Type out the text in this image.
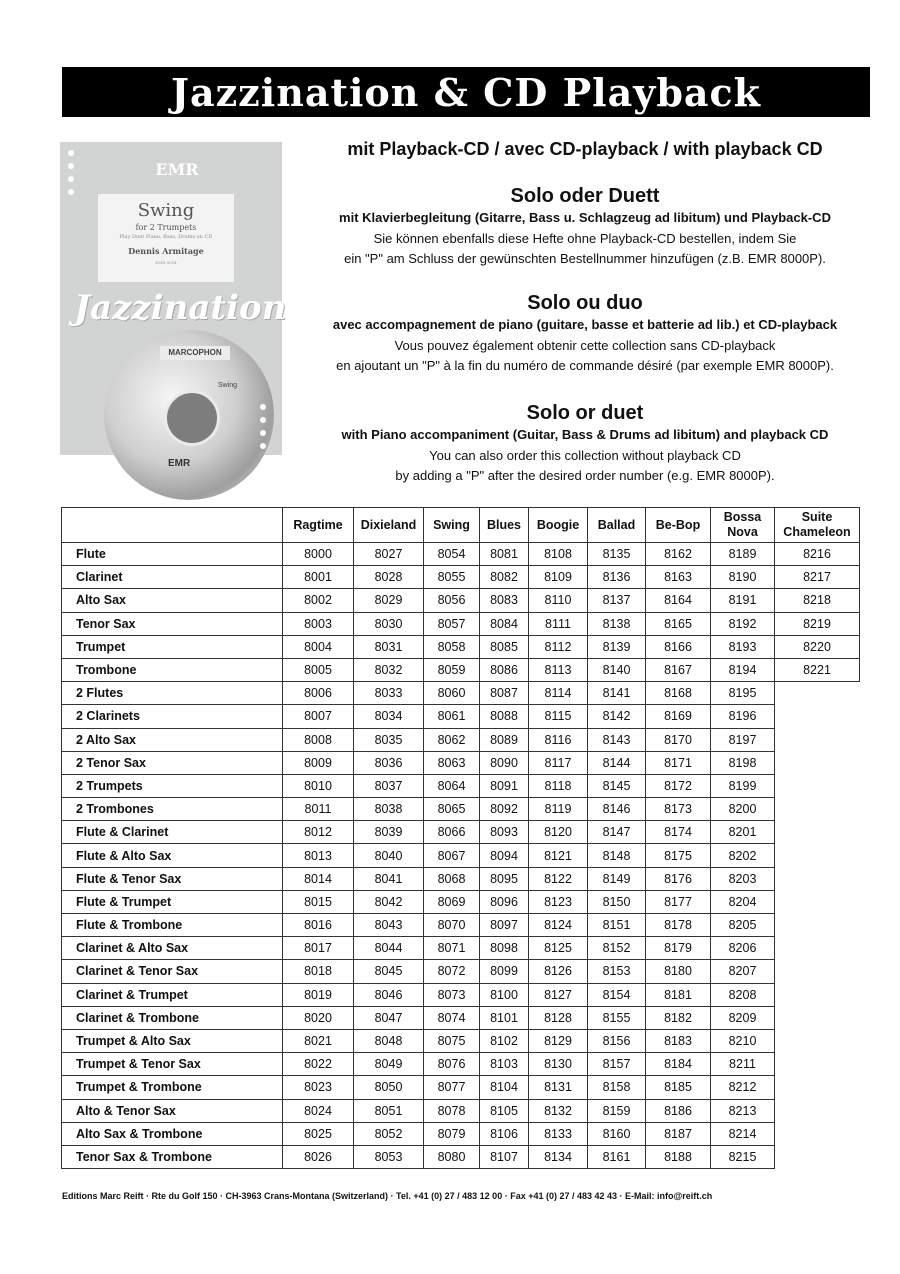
Jazzination & CD Playback
EMR
Swing
for 2 Trumpets
Play Duet Piano, Bass, Drums on CD
Dennis Armitage
EMR 8054
Jazzination
MARCOPHON
Swing
EMR
mit Playback-CD / avec CD-playback / with playback CD
Solo oder Duett
mit Klavierbegleitung (Gitarre, Bass u. Schlagzeug ad libitum) und Playback-CD
Sie können ebenfalls diese Hefte ohne Playback-CD bestellen, indem Sie
ein "P" am Schluss der gewünschten Bestellnummer hinzufügen (z.B. EMR 8000P).
Solo ou duo
avec accompagnement de piano (guitare, basse et batterie ad lib.) et CD-playback
Vous pouvez également obtenir cette collection sans CD-playback
en ajoutant un "P" à la fin du numéro de commande désiré (par exemple EMR 8000P).
Solo or duet
with Piano accompaniment (Guitar, Bass & Drums ad libitum) and playback CD
You can also order this collection without playback CD
by adding a "P" after the desired order number (e.g. EMR 8000P).
	Ragtime	Dixieland	Swing	Blues	Boogie	Ballad	Be-Bop	Bossa Nova	Suite Chameleon
Flute	8000	8027	8054	8081	8108	8135	8162	8189	8216
Clarinet	8001	8028	8055	8082	8109	8136	8163	8190	8217
Alto Sax	8002	8029	8056	8083	8110	8137	8164	8191	8218
Tenor Sax	8003	8030	8057	8084	8111	8138	8165	8192	8219
Trumpet	8004	8031	8058	8085	8112	8139	8166	8193	8220
Trombone	8005	8032	8059	8086	8113	8140	8167	8194	8221
2 Flutes	8006	8033	8060	8087	8114	8141	8168	8195	
2 Clarinets	8007	8034	8061	8088	8115	8142	8169	8196	
2 Alto Sax	8008	8035	8062	8089	8116	8143	8170	8197	
2 Tenor Sax	8009	8036	8063	8090	8117	8144	8171	8198	
2 Trumpets	8010	8037	8064	8091	8118	8145	8172	8199	
2 Trombones	8011	8038	8065	8092	8119	8146	8173	8200	
Flute & Clarinet	8012	8039	8066	8093	8120	8147	8174	8201	
Flute & Alto Sax	8013	8040	8067	8094	8121	8148	8175	8202	
Flute & Tenor Sax	8014	8041	8068	8095	8122	8149	8176	8203	
Flute & Trumpet	8015	8042	8069	8096	8123	8150	8177	8204	
Flute & Trombone	8016	8043	8070	8097	8124	8151	8178	8205	
Clarinet & Alto Sax	8017	8044	8071	8098	8125	8152	8179	8206	
Clarinet & Tenor Sax	8018	8045	8072	8099	8126	8153	8180	8207	
Clarinet & Trumpet	8019	8046	8073	8100	8127	8154	8181	8208	
Clarinet & Trombone	8020	8047	8074	8101	8128	8155	8182	8209	
Trumpet & Alto Sax	8021	8048	8075	8102	8129	8156	8183	8210	
Trumpet & Tenor Sax	8022	8049	8076	8103	8130	8157	8184	8211	
Trumpet & Trombone	8023	8050	8077	8104	8131	8158	8185	8212	
Alto & Tenor Sax	8024	8051	8078	8105	8132	8159	8186	8213	
Alto Sax & Trombone	8025	8052	8079	8106	8133	8160	8187	8214	
Tenor Sax & Trombone	8026	8053	8080	8107	8134	8161	8188	8215	
Editions Marc Reift · Rte du Golf 150 · CH-3963 Crans-Montana (Switzerland) · Tel. +41 (0) 27 / 483 12 00 · Fax +41 (0) 27 / 483 42 43 · E-Mail: info@reift.ch
